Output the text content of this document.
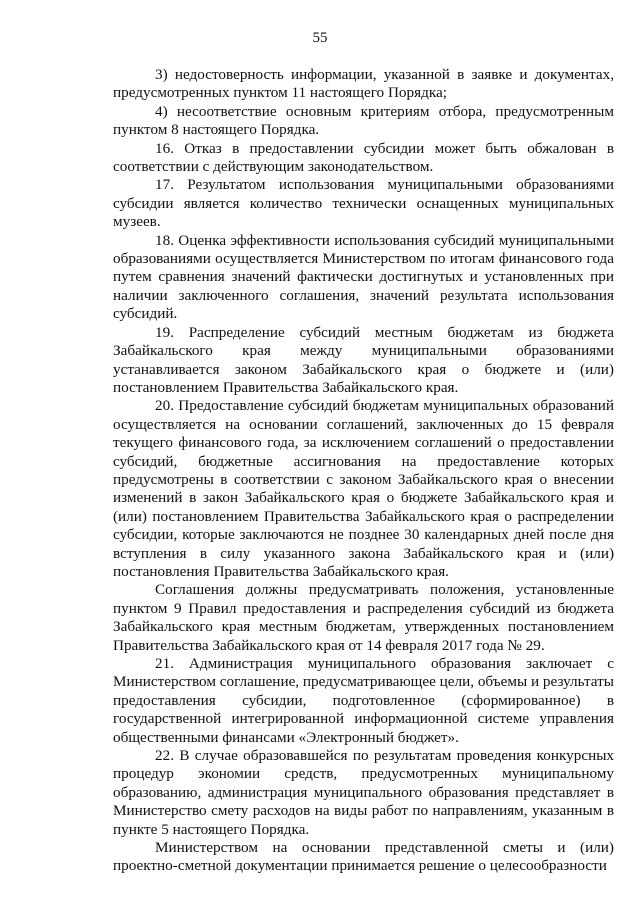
55

3) недостоверность информации, указанной в заявке и документах, предусмотренных пунктом 11 настоящего Порядка;

4) несоответствие основным критериям отбора, предусмотренным пунктом 8 настоящего Порядка.

16. Отказ в предоставлении субсидии может быть обжалован в соответствии с действующим законодательством.

17. Результатом использования муниципальными образованиями субсидии является количество технически оснащенных муниципальных музеев.

18. Оценка эффективности использования субсидий муниципальными образованиями осуществляется Министерством по итогам финансового года путем сравнения значений фактически достигнутых и установленных при наличии заключенного соглашения, значений результата использования субсидий.

19. Распределение субсидий местным бюджетам из бюджета Забайкальского края между муниципальными образованиями устанавливается законом Забайкальского края о бюджете и (или) постановлением Правительства Забайкальского края.

20. Предоставление субсидий бюджетам муниципальных образований осуществляется на основании соглашений, заключенных до 15 февраля текущего финансового года, за исключением соглашений о предоставлении субсидий, бюджетные ассигнования на предоставление которых предусмотрены в соответствии с законом Забайкальского края о внесении изменений в закон Забайкальского края о бюджете Забайкальского края и (или) постановлением Правительства Забайкальского края о распределении субсидии, которые заключаются не позднее 30 календарных дней после дня вступления в силу указанного закона Забайкальского края и (или) постановления Правительства Забайкальского края.

Соглашения должны предусматривать положения, установленные пунктом 9 Правил предоставления и распределения субсидий из бюджета Забайкальского края местным бюджетам, утвержденных постановлением Правительства Забайкальского края от 14 февраля 2017 года № 29.

21. Администрация муниципального образования заключает с Министерством соглашение, предусматривающее цели, объемы и результаты предоставления субсидии, подготовленное (сформированное) в государственной интегрированной информационной системе управления общественными финансами «Электронный бюджет».

22. В случае образовавшейся по результатам проведения конкурсных процедур экономии средств, предусмотренных муниципальному образованию, администрация муниципального образования представляет в Министерство смету расходов на виды работ по направлениям, указанным в пункте 5 настоящего Порядка.

Министерством на основании представленной сметы и (или) проектно-сметной документации принимается решение о целесообразности
